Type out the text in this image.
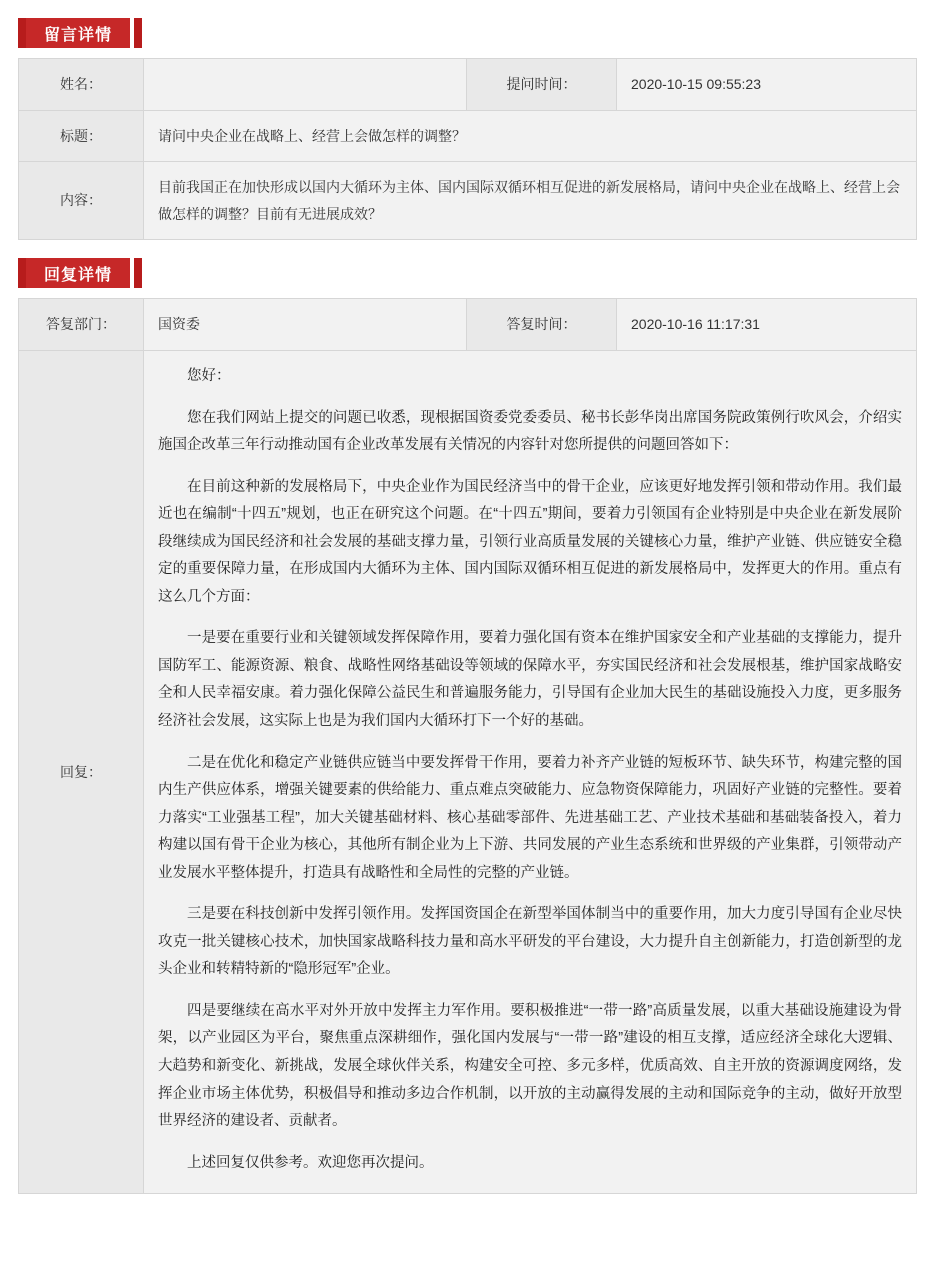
留言详情
姓名：		提问时间：	2020-10-15 09:55:23
标题：	请问中央企业在战略上、经营上会做怎样的调整？		
内容：	目前我国正在加快形成以国内大循环为主体、国内国际双循环相互促进的新发展格局，请问中央企业在战略上、经营上会做怎样的调整？目前有无进展成效？		
回复详情
答复部门：	国资委	答复时间：	2020-10-16 11:17:31
回复：	

您好：

您在我们网站上提交的问题已收悉，现根据国资委党委委员、秘书长彭华岗出席国务院政策例行吹风会，介绍实施国企改革三年行动推动国有企业改革发展有关情况的内容针对您所提供的问题回答如下：

在目前这种新的发展格局下，中央企业作为国民经济当中的骨干企业，应该更好地发挥引领和带动作用。我们最近也在编制“十四五”规划，也正在研究这个问题。在“十四五”期间，要着力引领国有企业特别是中央企业在新发展阶段继续成为国民经济和社会发展的基础支撑力量，引领行业高质量发展的关键核心力量，维护产业链、供应链安全稳定的重要保障力量，在形成国内大循环为主体、国内国际双循环相互促进的新发展格局中，发挥更大的作用。重点有这么几个方面：

一是要在重要行业和关键领域发挥保障作用，要着力强化国有资本在维护国家安全和产业基础的支撑能力，提升国防军工、能源资源、粮食、战略性网络基础设等领域的保障水平，夯实国民经济和社会发展根基，维护国家战略安全和人民幸福安康。着力强化保障公益民生和普遍服务能力，引导国有企业加大民生的基础设施投入力度，更多服务经济社会发展，这实际上也是为我们国内大循环打下一个好的基础。

二是在优化和稳定产业链供应链当中要发挥骨干作用，要着力补齐产业链的短板环节、缺失环节，构建完整的国内生产供应体系，增强关键要素的供给能力、重点难点突破能力、应急物资保障能力，巩固好产业链的完整性。要着力落实“工业强基工程”，加大关键基础材料、核心基础零部件、先进基础工艺、产业技术基础和基础装备投入，着力构建以国有骨干企业为核心，其他所有制企业为上下游、共同发展的产业生态系统和世界级的产业集群，引领带动产业发展水平整体提升，打造具有战略性和全局性的完整的产业链。

三是要在科技创新中发挥引领作用。发挥国资国企在新型举国体制当中的重要作用，加大力度引导国有企业尽快攻克一批关键核心技术，加快国家战略科技力量和高水平研发的平台建设，大力提升自主创新能力，打造创新型的龙头企业和转精特新的“隐形冠军”企业。

四是要继续在高水平对外开放中发挥主力军作用。要积极推进“一带一路”高质量发展，以重大基础设施建设为骨架，以产业园区为平台，聚焦重点深耕细作，强化国内发展与“一带一路”建设的相互支撑，适应经济全球化大逻辑、大趋势和新变化、新挑战，发展全球伙伴关系，构建安全可控、多元多样，优质高效、自主开放的资源调度网络，发挥企业市场主体优势，积极倡导和推动多边合作机制，以开放的主动赢得发展的主动和国际竞争的主动，做好开放型世界经济的建设者、贡献者。

上述回复仅供参考。欢迎您再次提问。
